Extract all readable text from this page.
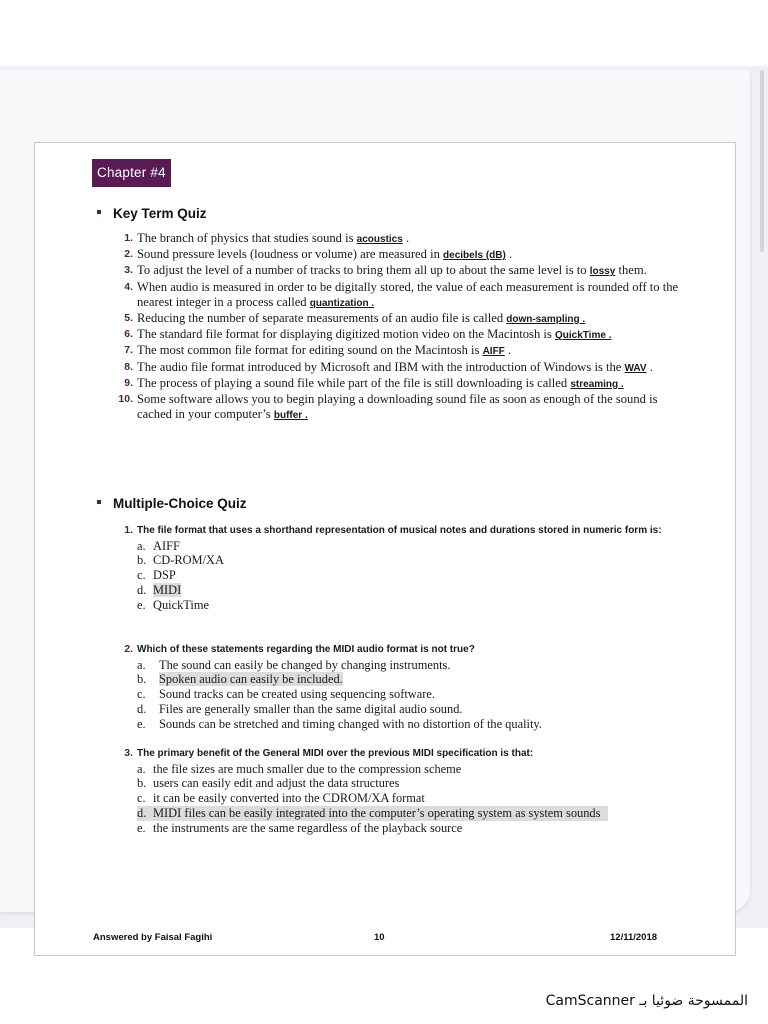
Chapter #4
Key Term Quiz
1. The branch of physics that studies sound is acoustics .
2. Sound pressure levels (loudness or volume) are measured in decibels (dB) .
3. To adjust the level of a number of tracks to bring them all up to about the same level is to lossy them.
4. When audio is measured in order to be digitally stored, the value of each measurement is rounded off to the nearest integer in a process called quantization .
5. Reducing the number of separate measurements of an audio file is called down-sampling .
6. The standard file format for displaying digitized motion video on the Macintosh is QuickTime .
7. The most common file format for editing sound on the Macintosh is AIFF .
8. The audio file format introduced by Microsoft and IBM with the introduction of Windows is the WAV .
9. The process of playing a sound file while part of the file is still downloading is called streaming .
10. Some software allows you to begin playing a downloading sound file as soon as enough of the sound is cached in your computer’s buffer .
Multiple-Choice Quiz
1. The file format that uses a shorthand representation of musical notes and durations stored in numeric form is:
a. AIFF
b. CD-ROM/XA
c. DSP
d. MIDI
e. QuickTime
2. Which of these statements regarding the MIDI audio format is not true?
a. The sound can easily be changed by changing instruments.
b. Spoken audio can easily be included.
c. Sound tracks can be created using sequencing software.
d. Files are generally smaller than the same digital audio sound.
e. Sounds can be stretched and timing changed with no distortion of the quality.
3. The primary benefit of the General MIDI over the previous MIDI specification is that:
a. the file sizes are much smaller due to the compression scheme
b. users can easily edit and adjust the data structures
c. it can be easily converted into the CDROM/XA format
d. MIDI files can be easily integrated into the computer’s operating system as system sounds
e. the instruments are the same regardless of the playback source
Answered by Faisal Fagihi	10	12/11/2018
CamScanner الممسوحة ضوئيا بـ
